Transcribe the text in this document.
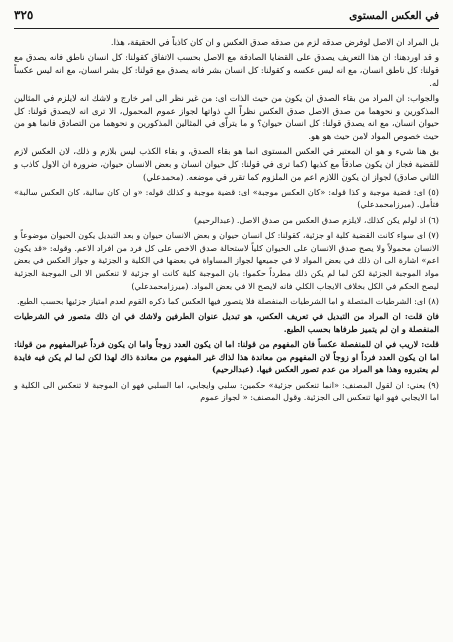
في العكس المستوى
٣٢٥

بل المراد ان الاصل لوفرض صدقه لزم من صدقه صدق العكس و ان كان كاذباً في الحقيقة، هذا.

و قد اوردهنا: ان هذا التعريف يصدق على القضايا الصادقة مع الاصل بحسب الاتفاق كقولنا: كل انسان ناطق فانه يصدق مع قولنا: كل ناطق انسان، مع انه ليس عكسه و كقولنا: كل انسان بشر فانه يصدق مع قولنا: كل بشر انسان، مع انه ليس عكساً له.

والجواب: ان المراد من بقاء الصدق ان يكون من حيث الذات اى: من غير نظر الى امر خارج و لاشك انه لايلزم في المثالين المذكورين و نحوهما من صدق الاصل صدق العكس نظراً الى ذواتها لجواز عموم المحمول، الا ترى انه لايصدق قولنا: كل حيوان انسان، مع انه يصدق قولنا: كل انسان حيوان؟ و ما يتراّى في المثالين المذكورين و نحوهما من التصادق فانما هو من حيث خصوص المواد لامن حيث هو هو.

بق هنا شيء و هو ان المعتبر في العكس المستوى انما هو بقاء الصدق، و بقاء الكذب ليس بلازم و ذلك، لان العكس لازم للقضية فجاز ان يكون صادقاً مع كذبها (كما ترى في قولنا: كل حيوان انسان و بعض الانسان حيوان، ضرورة ان الاول كاذب و الثاني صادق) لجواز ان يكون اللازم اعم من الملزوم كما تقرر في موضعه. (محمدعلي)

(٥) اى: قضية موجبة و كذا قوله: «كان العكس موجبة» اى: قضية موجبة و كذلك قوله: «و ان كان سالبة، كان العكس سالبة» فتأمل. (ميرزامحمدعلي)

(٦) اذ لولم يكن كذلك، لايلزم صدق العكس من صدق الاصل. (عبدالرحيم)

(٧) اى سواء كانت القضية كلية او جزئية، كقولنا: كل انسان حيوان و بعض الانسان حيوان و بعد التبديل يكون الحيوان موضوعاً و الانسان محمولاً ولا يصح صدق الانسان على الحيوان كلياً لاستحالة صدق الاخص على كل فرد من افراد الاعم. وقوله: «قد يكون اعم» اشارة الى ان ذلك في بعض المواد لا في جميعها لجواز المساواة في بعضها في الكلية و الجزئية و جواز العكس في بعض مواد الموجبة الجزئية لكن لما لم يكن ذلك مطرداً حكموا: بان الموجبة كلية كانت او جزئية لا تنعكس الا الى الموجبة الجزئية ليصح الحكم في الكل بخلاف الايجاب الكلي فانه لايصح الا في بعض المواد. (ميرزامحمدعلي)

(٨) اى: الشرطيات المتصلة و اما الشرطيات المنفصلة فلا يتصور فيها العكس كما ذكره القوم لعدم امتياز جزئيها بحسب الطبع.

فان قلت: ان المراد من التبديل في تعريف العكس، هو تبديل عنوان الطرفين ولاشك في ان ذلك متصور في الشرطيات المنفصلة و ان لم يتميز طرفاها بحسب الطبع.

قلت: لاريب في ان للمنفصلة عكساً فان المفهوم من قولنا: اما ان يكون العدد زوجاً واما ان يكون فرداً غيرالمفهوم من قولنا: اما ان يكون العدد فرداً او زوجاً لان المفهوم من معاندة هذا لذاك غير المفهوم من معاندة ذاك لهذا لكن لما لم يكن فيه فايدة لم يعتبروه وهذا هو المراد من عدم تصور العكس فيها. (عبدالرحيم)

(٩) يعني: ان لقول المصنف: «انما تنعكس جزئية» حكمين: سلبي وايجابي، اما السلبي فهو ان الموجبة لا تنعكس الى الكلية و اما الايجابي فهو انها تنعكس الى الجزئية. وقول المصنف: « لجواز عموم
